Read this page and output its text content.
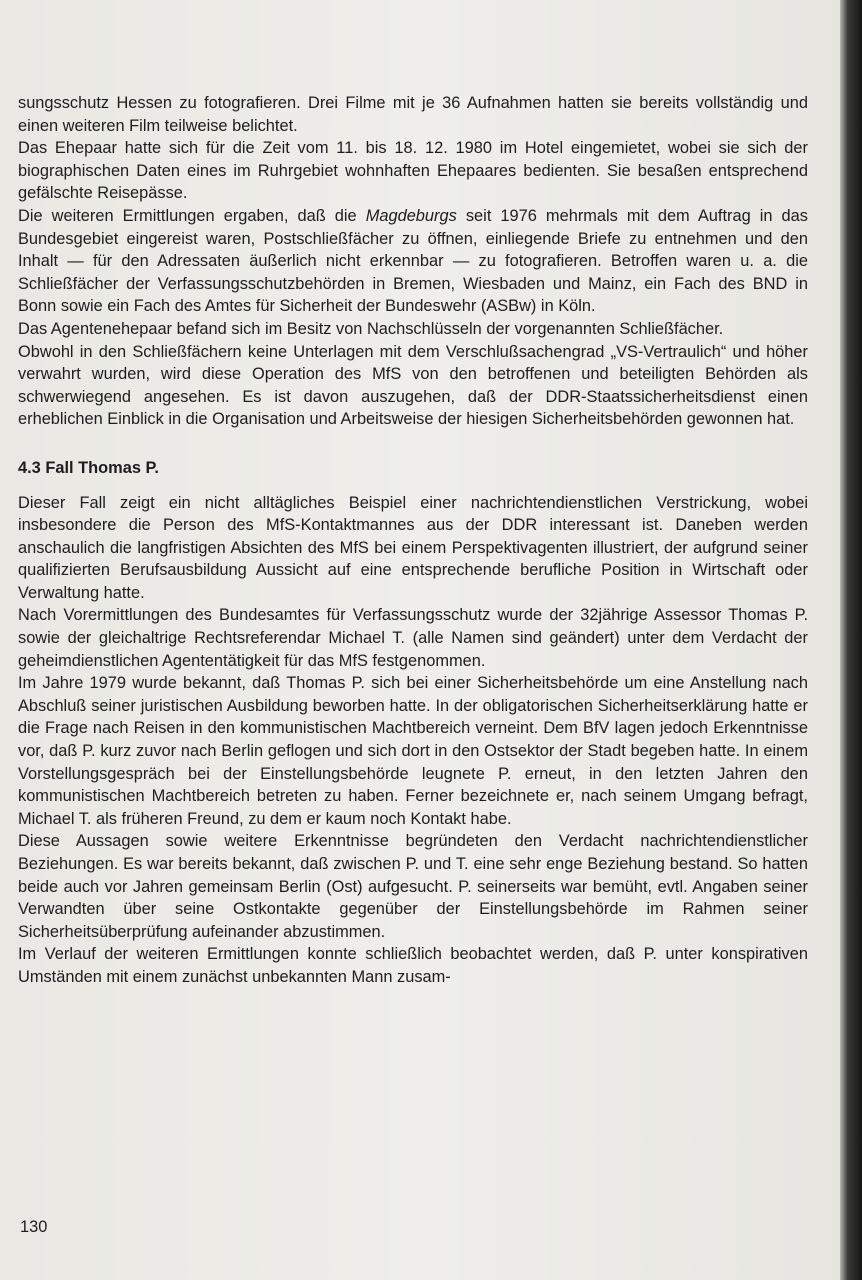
sungsschutz Hessen zu fotografieren. Drei Filme mit je 36 Aufnahmen hatten sie bereits vollständig und einen weiteren Film teilweise belichtet.

Das Ehepaar hatte sich für die Zeit vom 11. bis 18. 12. 1980 im Hotel eingemietet, wobei sie sich der biographischen Daten eines im Ruhrgebiet wohnhaften Ehepaares bedienten. Sie besaßen entsprechend gefälschte Reisepässe.

Die weiteren Ermittlungen ergaben, daß die Magdeburgs seit 1976 mehrmals mit dem Auftrag in das Bundesgebiet eingereist waren, Postschließfächer zu öffnen, einliegende Briefe zu entnehmen und den Inhalt — für den Adressaten äußerlich nicht erkennbar — zu fotografieren. Betroffen waren u. a. die Schließfächer der Verfassungsschutzbehörden in Bremen, Wiesbaden und Mainz, ein Fach des BND in Bonn sowie ein Fach des Amtes für Sicherheit der Bundeswehr (ASBw) in Köln.

Das Agentenehepaar befand sich im Besitz von Nachschlüsseln der vorgenannten Schließfächer.

Obwohl in den Schließfächern keine Unterlagen mit dem Verschlußsachengrad „VS-Vertraulich“ und höher verwahrt wurden, wird diese Operation des MfS von den betroffenen und beteiligten Behörden als schwerwiegend angesehen. Es ist davon auszugehen, daß der DDR-Staatssicherheitsdienst einen erheblichen Einblick in die Organisation und Arbeitsweise der hiesigen Sicherheitsbehörden gewonnen hat.

4.3 Fall Thomas P.

Dieser Fall zeigt ein nicht alltägliches Beispiel einer nachrichtendienstlichen Verstrickung, wobei insbesondere die Person des MfS-Kontaktmannes aus der DDR interessant ist. Daneben werden anschaulich die langfristigen Absichten des MfS bei einem Perspektivagenten illustriert, der aufgrund seiner qualifizierten Berufsausbildung Aussicht auf eine entsprechende berufliche Position in Wirtschaft oder Verwaltung hatte.

Nach Vorermittlungen des Bundesamtes für Verfassungsschutz wurde der 32jährige Assessor Thomas P. sowie der gleichaltrige Rechtsreferendar Michael T. (alle Namen sind geändert) unter dem Verdacht der geheimdienstlichen Agententätigkeit für das MfS festgenommen.

Im Jahre 1979 wurde bekannt, daß Thomas P. sich bei einer Sicherheitsbehörde um eine Anstellung nach Abschluß seiner juristischen Ausbildung beworben hatte. In der obligatorischen Sicherheitserklärung hatte er die Frage nach Reisen in den kommunistischen Machtbereich verneint. Dem BfV lagen jedoch Erkenntnisse vor, daß P. kurz zuvor nach Berlin geflogen und sich dort in den Ostsektor der Stadt begeben hatte. In einem Vorstellungsgespräch bei der Einstellungsbehörde leugnete P. erneut, in den letzten Jahren den kommunistischen Machtbereich betreten zu haben. Ferner bezeichnete er, nach seinem Umgang befragt, Michael T. als früheren Freund, zu dem er kaum noch Kontakt habe.

Diese Aussagen sowie weitere Erkenntnisse begründeten den Verdacht nachrichtendienstlicher Beziehungen. Es war bereits bekannt, daß zwischen P. und T. eine sehr enge Beziehung bestand. So hatten beide auch vor Jahren gemeinsam Berlin (Ost) aufgesucht. P. seinerseits war bemüht, evtl. Angaben seiner Verwandten über seine Ostkontakte gegenüber der Einstellungsbehörde im Rahmen seiner Sicherheitsüberprüfung aufeinander abzustimmen.

Im Verlauf der weiteren Ermittlungen konnte schließlich beobachtet werden, daß P. unter konspirativen Umständen mit einem zunächst unbekannten Mann zusam-

130
